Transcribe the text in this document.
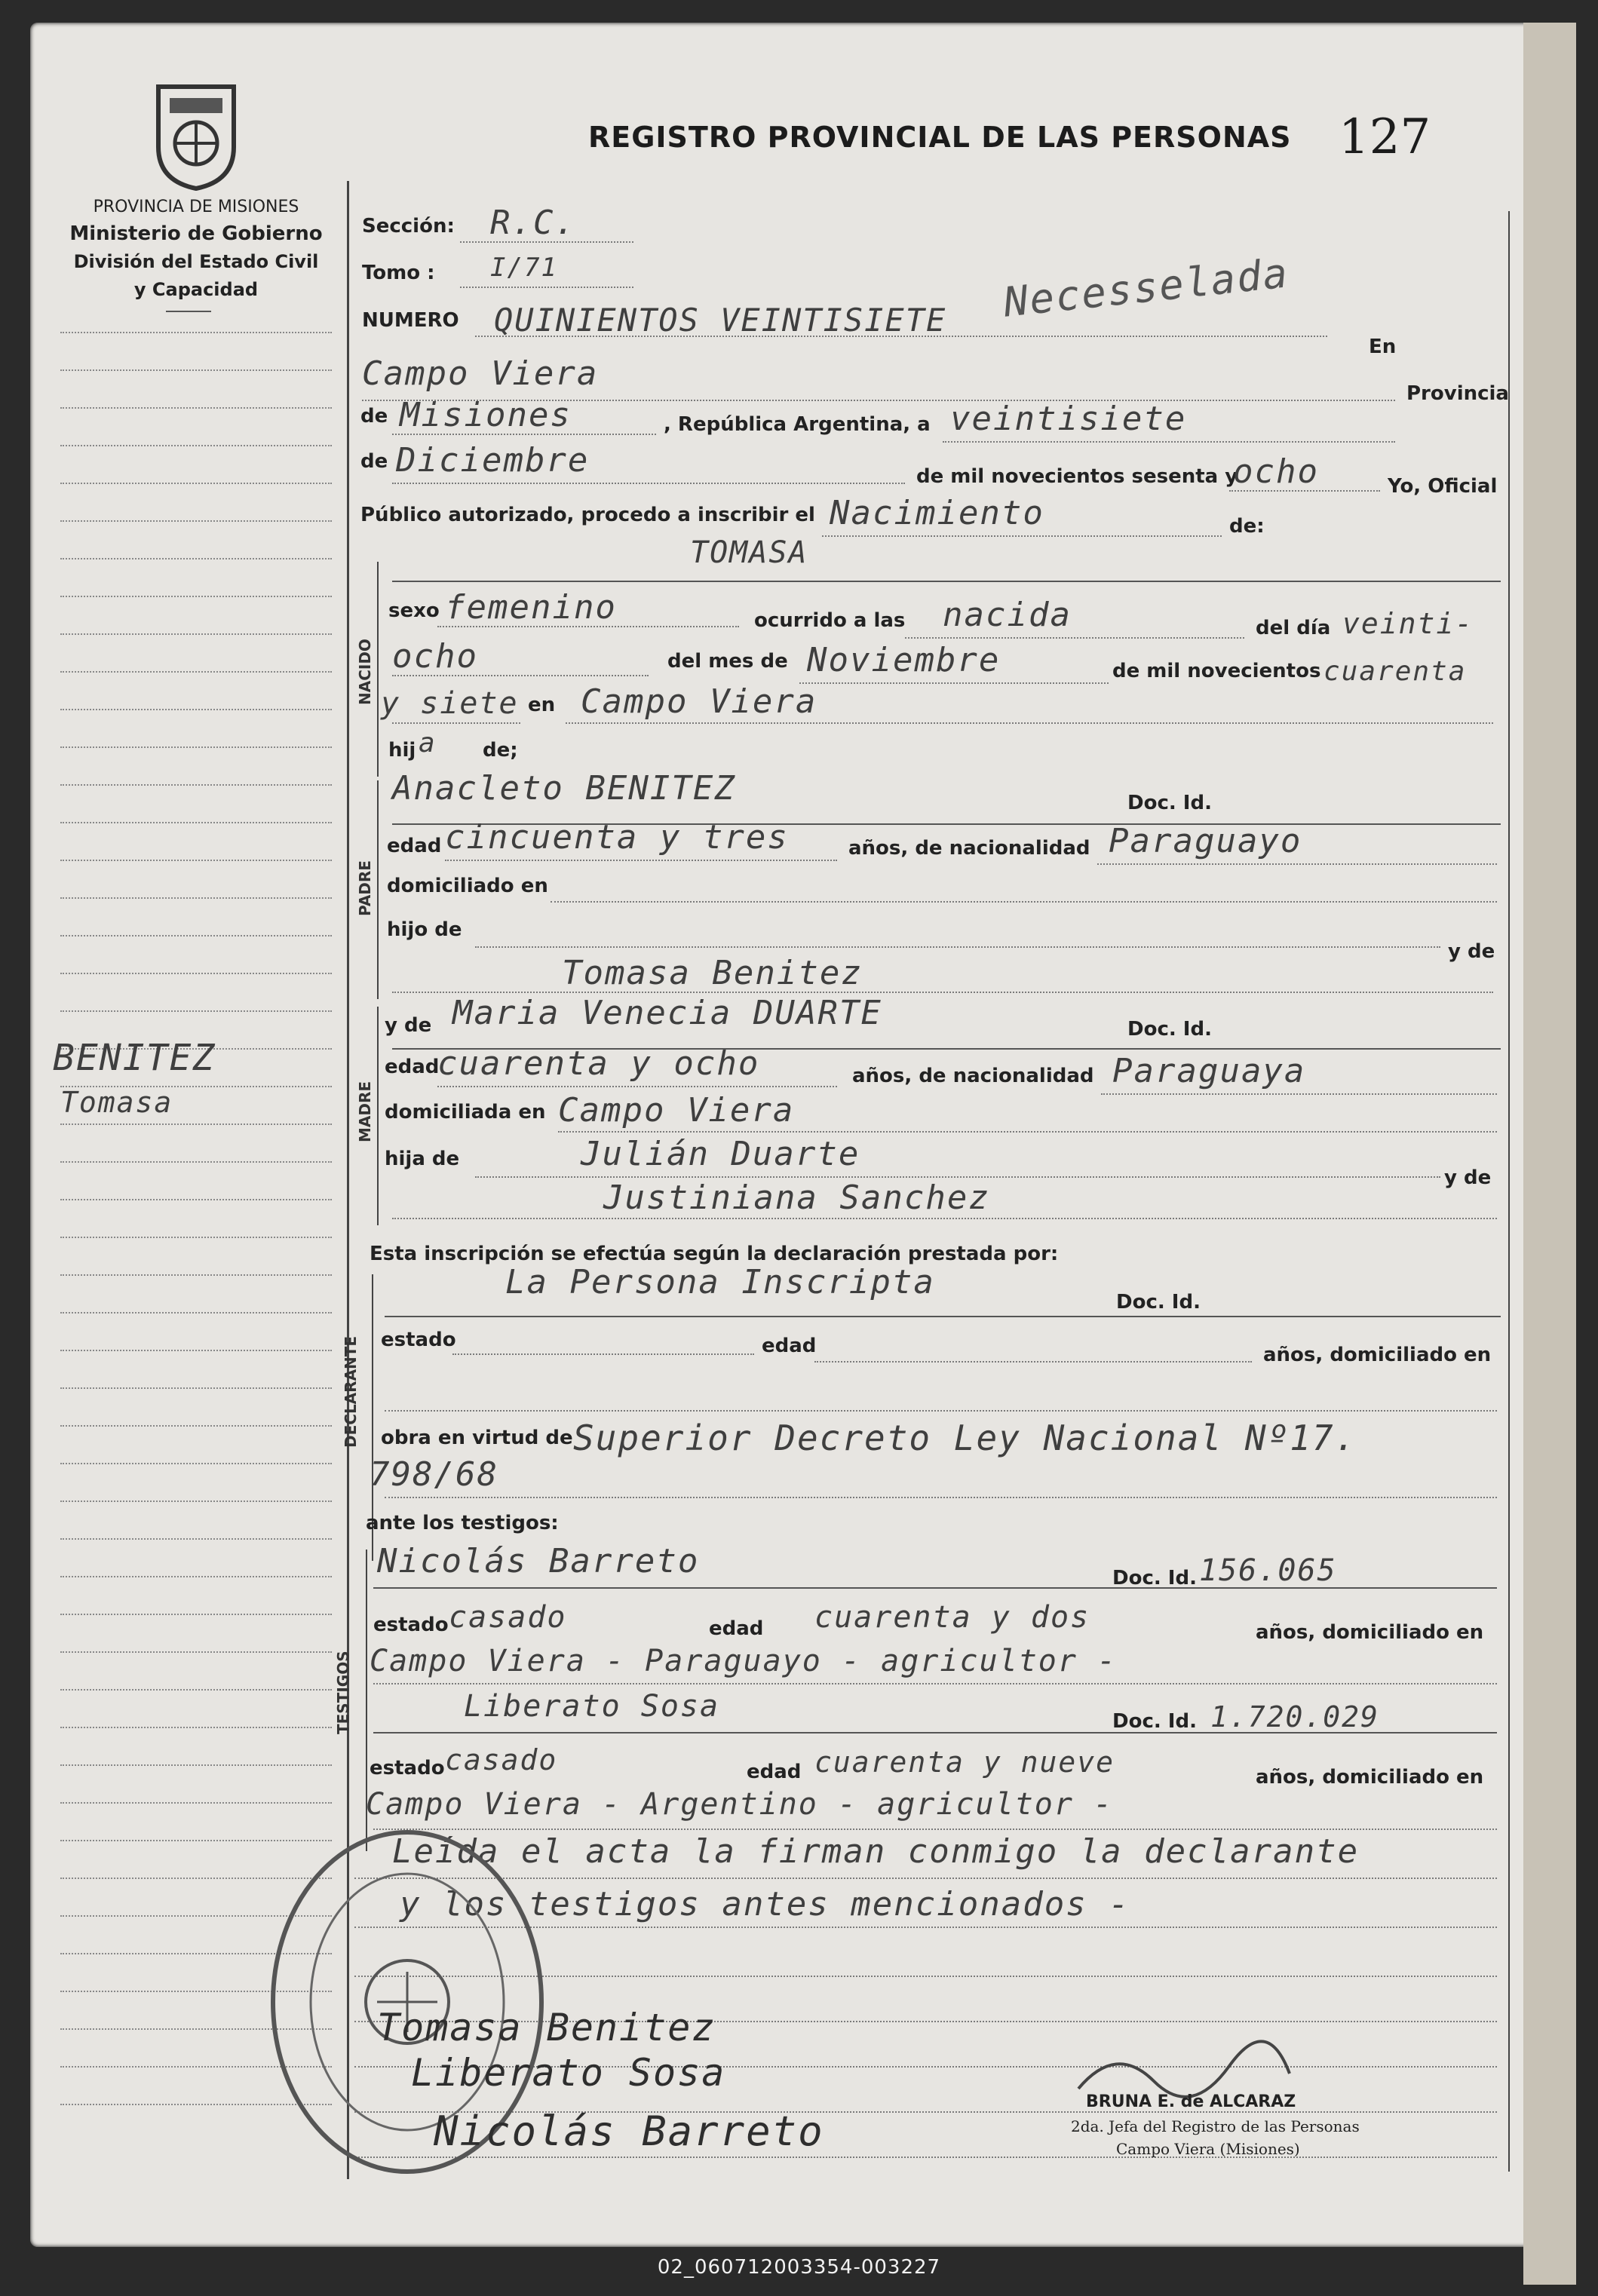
PROVINCIA DE MISIONES
Ministerio de Gobierno
División del Estado Civil
y Capacidad
REGISTRO PROVINCIAL DE LAS PERSONAS 127
Necesselada
BENITEZ
Tomasa
Sección: R.C.
Tomo : I/71
NUMERO QUINIENTOS VEINTISIETE
En
Campo Viera
Provincia
de Misiones	, República Argentina, a veintisiete
de Diciembre	de mil novecientos sesenta y
ocho	Yo, Oficial
Público autorizado, procedo a inscribir el Nacimiento	de:
NACIDO
TOMASA
sexo femenino	ocurrido a las nacida	del día veinti-
ocho	del mes de Noviembre	de mil novecientos cuarenta
y siete en Campo Viera
hij a de;
PADRE
Anacleto BENITEZ	Doc. Id.
edad cincuenta y tres	años, de nacionalidad Paraguayo
domiciliado en
hijo de
y de
Tomasa Benitez
MADRE
y de Maria Venecia DUARTE	Doc. Id.
edad
cuarenta y ocho	años, de nacionalidad Paraguaya
domiciliada en Campo Viera
hija de	Julián Duarte
y de
Justiniana Sanchez
Esta inscripción se efectúa según la declaración prestada por:
DECLARANTE
La Persona Inscripta
Doc. Id.
estado	edad	años, domiciliado en
obra en virtud de Superior Decreto Ley Nacional Nº17.
798/68
ante los testigos:
TESTIGOS
Nicolás Barreto	Doc. Id. 156.065
estado casado	edad cuarenta y dos	años, domiciliado en
Campo Viera - Paraguayo - agricultor -
Liberato Sosa	Doc. Id. 1.720.029
estado casado	edad cuarenta y nueve	años, domiciliado en
Campo Viera - Argentino - agricultor -
Leída el acta la firman conmigo la declarante
y los testigos antes mencionados -
Tomasa Benitez
Liberato Sosa
Nicolás Barreto
BRUNA E. de ALCARAZ
2da. Jefa del Registro de las Personas
Campo Viera (Misiones)
02_060712003354-003227
